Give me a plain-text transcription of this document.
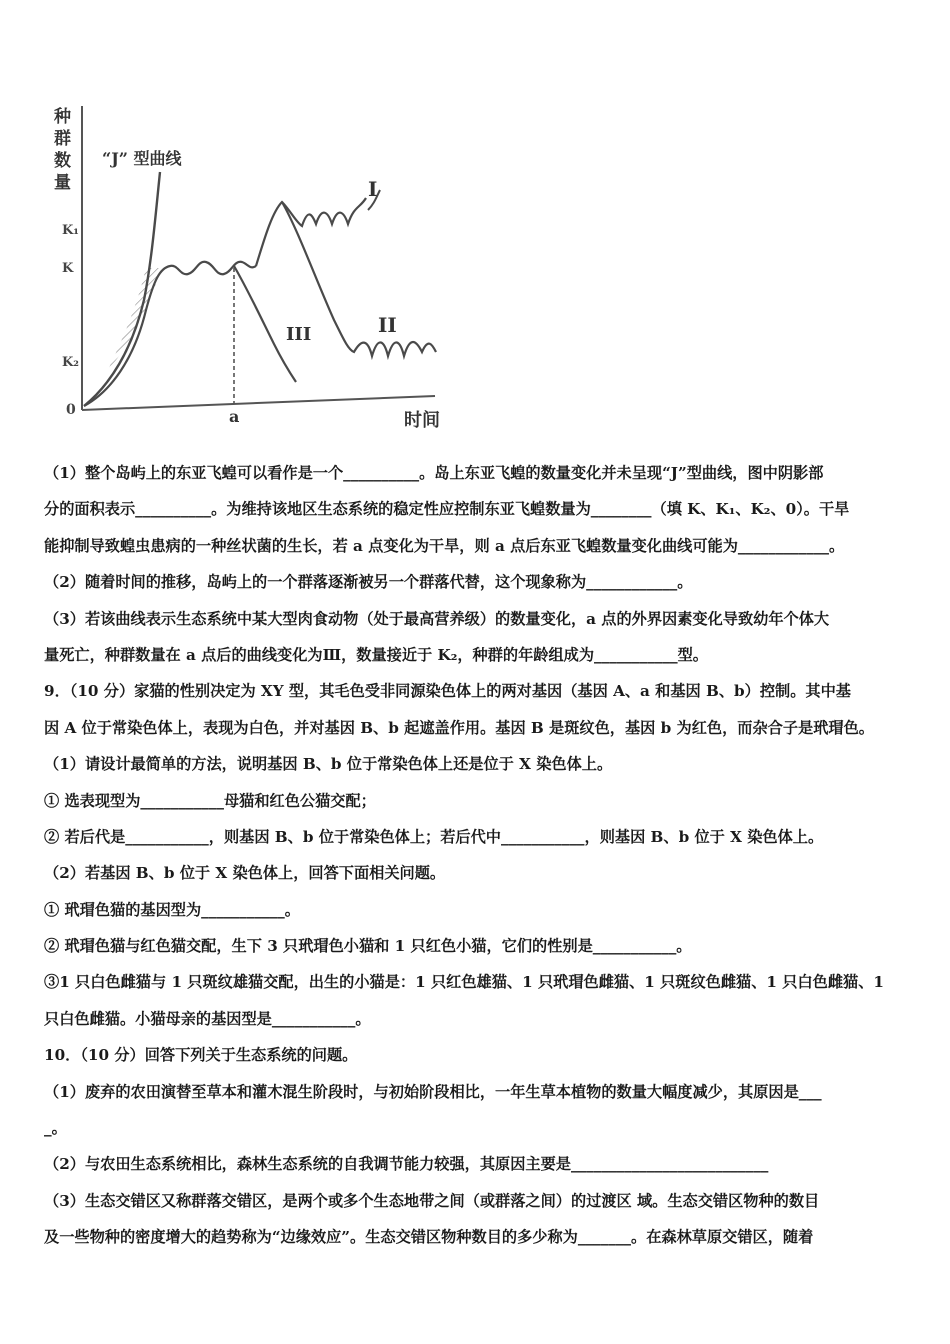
种
群
数
量
K₁
K
K₂
0
“J” 型曲线
a
I
II
III
时间
（1）整个岛屿上的东亚飞蝗可以看作是一个__________。岛上东亚飞蝗的数量变化并未呈现“J”型曲线，图中阴影部
分的面积表示__________。为维持该地区生态系统的稳定性应控制东亚飞蝗数量为________（填 K、K₁、K₂、0）。干旱
能抑制导致蝗虫患病的一种丝状菌的生长，若 a 点变化为干旱，则 a 点后东亚飞蝗数量变化曲线可能为____________。
（2）随着时间的推移，岛屿上的一个群落逐渐被另一个群落代替，这个现象称为____________。
（3）若该曲线表示生态系统中某大型肉食动物（处于最高营养级）的数量变化，a 点的外界因素变化导致幼年个体大
量死亡，种群数量在 a 点后的曲线变化为Ⅲ，数量接近于 K₂，种群的年龄组成为___________型。
9．（10 分）家猫的性别决定为 XY 型，其毛色受非同源染色体上的两对基因（基因 A、a 和基因 B、b）控制。其中基
因 A 位于常染色体上，表现为白色，并对基因 B、b 起遮盖作用。基因 B 是斑纹色，基因 b 为红色，而杂合子是玳瑁色。
（1）请设计最简单的方法，说明基因 B、b 位于常染色体上还是位于 X 染色体上。
① 选表现型为___________母猫和红色公猫交配；
② 若后代是___________，则基因 B、b 位于常染色体上；若后代中___________，则基因 B、b 位于 X 染色体上。
（2）若基因 B、b 位于 X 染色体上，回答下面相关问题。
① 玳瑁色猫的基因型为___________。
② 玳瑁色猫与红色猫交配，生下 3 只玳瑁色小猫和 1 只红色小猫，它们的性别是___________。
③1 只白色雌猫与 1 只斑纹雄猫交配，出生的小猫是：1 只红色雄猫、1 只玳瑁色雌猫、1 只斑纹色雌猫、1 只白色雌猫、1
只白色雌猫。小猫母亲的基因型是___________。
10．（10 分）回答下列关于生态系统的问题。
（1）废弃的农田演替至草本和灌木混生阶段时，与初始阶段相比，一年生草本植物的数量大幅度减少，其原因是___
_。
（2）与农田生态系统相比，森林生态系统的自我调节能力较强，其原因主要是__________________________
（3）生态交错区又称群落交错区，是两个或多个生态地带之间（或群落之间）的过渡区 域。生态交错区物种的数目
及一些物种的密度增大的趋势称为“边缘效应”。生态交错区物种数目的多少称为_______。在森林草原交错区，随着
